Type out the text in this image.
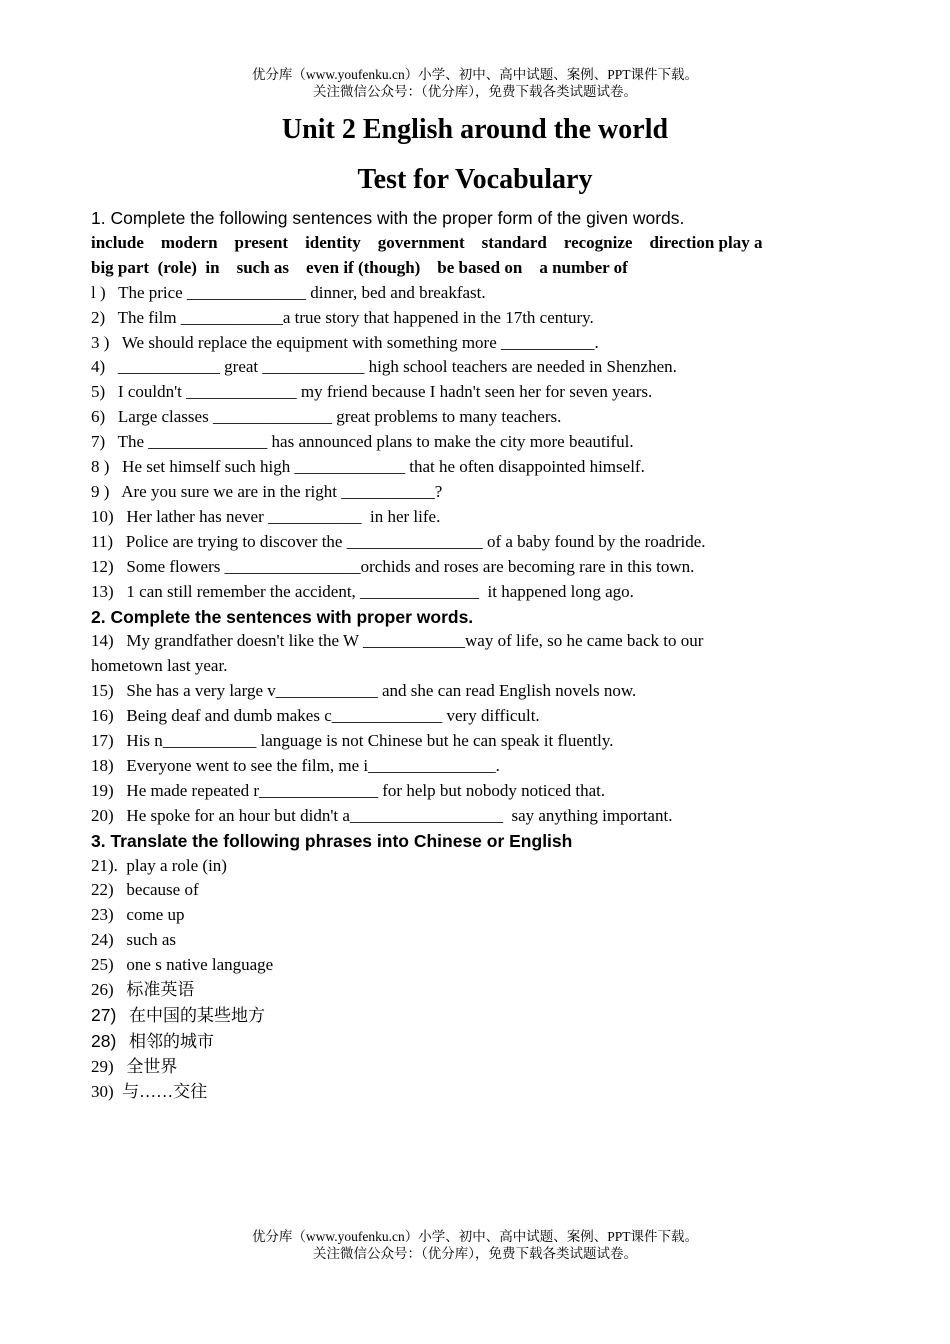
优分库（www.youfenku.cn）小学、初中、高中试题、案例、PPT课件下载。
关注微信公众号：（优分库），免费下载各类试题试卷。
Unit 2 English around the world
Test for Vocabulary
1. Complete the following sentences with the proper form of the given words.
include    modern    present    identity    government    standard    recognize    direction play a
big part  (role)  in    such as    even if (though)    be based on    a number of
l )   The price ______________ dinner, bed and breakfast.
2)   The film ____________a true story that happened in the 17th century.
3 )   We should replace the equipment with something more ___________.
4)   ____________ great ____________ high school teachers are needed in Shenzhen.
5)   I couldn't _____________ my friend because I hadn't seen her for seven years.
6)   Large classes ______________ great problems to many teachers.
7)   The ______________ has announced plans to make the city more beautiful.
8 )   He set himself such high _____________ that he often disappointed himself.
9 )   Are you sure we are in the right ___________?
10)   Her lather has never ___________  in her life.
11)   Police are trying to discover the ________________ of a baby found by the roadride.
12)   Some flowers ________________orchids and roses are becoming rare in this town.
13)   1 can still remember the accident, ______________  it happened long ago.
2. Complete the sentences with proper words.
14)   My grandfather doesn't like the W ____________way of life, so he came back to our
hometown last year.
15)   She has a very large v____________ and she can read English novels now.
16)   Being deaf and dumb makes c_____________ very difficult.
17)   His n___________ language is not Chinese but he can speak it fluently.
18)   Everyone went to see the film, me i_______________.
19)   He made repeated r______________ for help but nobody noticed that.
20)   He spoke for an hour but didn't a__________________  say anything important.
3. Translate the following phrases into Chinese or English
21).  play a role (in)
22)   because of
23)   come up
24)   such as
25)   one s native language
26)   标准英语
27)   在中国的某些地方
28)   相邻的城市
29)   全世界
30)  与……交往
优分库（www.youfenku.cn）小学、初中、高中试题、案例、PPT课件下载。
关注微信公众号：（优分库），免费下载各类试题试卷。
